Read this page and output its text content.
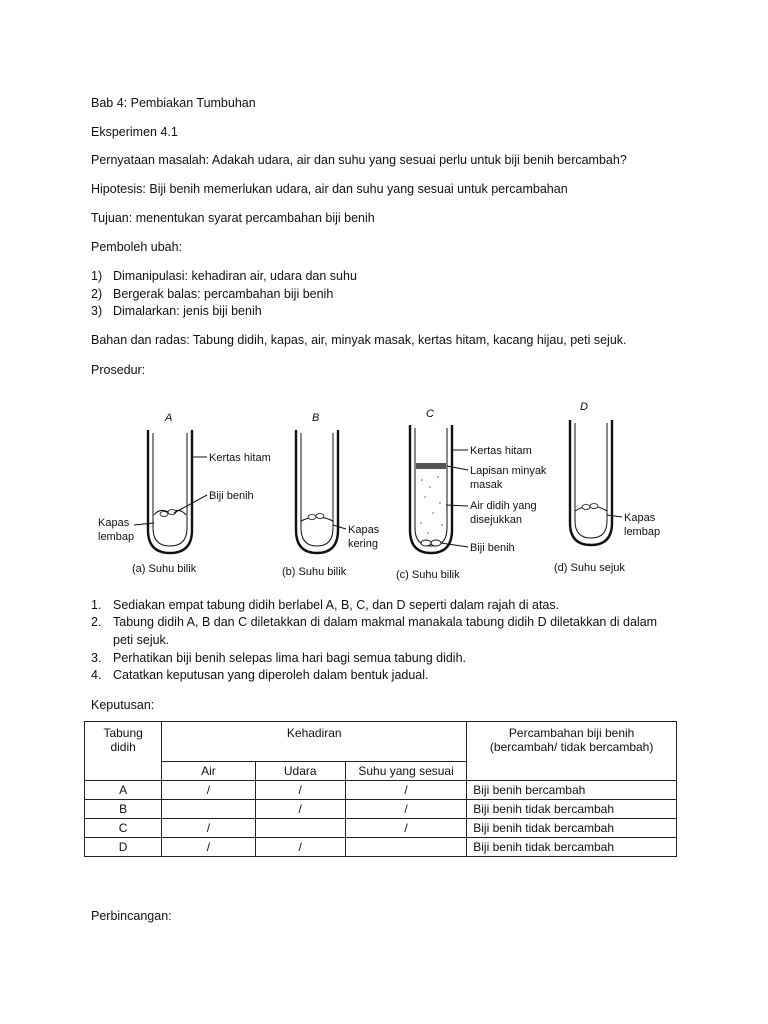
Bab 4: Pembiakan Tumbuhan
Eksperimen 4.1
Pernyataan masalah: Adakah udara, air dan suhu yang sesuai perlu untuk biji benih bercambah?
Hipotesis: Biji benih memerlukan udara, air dan suhu yang sesuai untuk percambahan
Tujuan: menentukan syarat percambahan biji benih
Pemboleh ubah:
1) Dimanipulasi: kehadiran air, udara dan suhu
2) Bergerak balas: percambahan biji benih
3) Dimalarkan: jenis biji benih
Bahan dan radas: Tabung didih, kapas, air, minyak masak, kertas hitam, kacang hijau, peti sejuk.
Prosedur:
A
Kertas hitam
Biji benih
Kapas
lembap
(a) Suhu bilik
B
Kapas
kering
(b) Suhu bilik
C
Kertas hitam
Lapisan minyak
masak
Air didih yang
disejukkan
Biji benih
(c) Suhu bilik
D
Kapas
lembap
(d) Suhu sejuk
1. Sediakan empat tabung didih berlabel A, B, C, dan D seperti dalam rajah di atas.
2. Tabung didih A, B dan C diletakkan di dalam makmal manakala tabung didih D diletakkan di dalam
peti sejuk.
3. Perhatikan biji benih selepas lima hari bagi semua tabung didih.
4. Catatkan keputusan yang diperoleh dalam bentuk jadual.
Keputusan:
Tabung didih	Kehadiran			Percambahan biji benih
(bercambah/ tidak bercambah)

	Air	Udara	Suhu yang sesuai	
A	/	/	/	Biji benih bercambah
B		/	/	Biji benih tidak bercambah
C	/		/	Biji benih tidak bercambah
D	/	/		Biji benih tidak bercambah
Perbincangan:
